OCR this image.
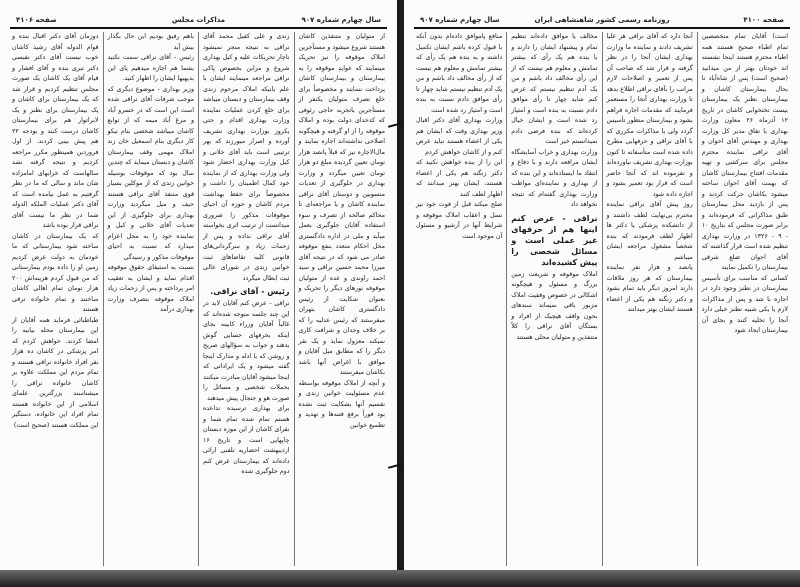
سال چهارم شماره ۹۰۷
مذاکرات مجلس
صفحه ۴۱۰۶

از متولیان و متنفذین کاشان هستند شروع میشود و مستأجرین املاک موقوفه را نیز تحریک مینمایند که عوایدِ موقوفه را به بیمارستان و بیمارستان کاشان پرداخت ننمایند و مخصوصاً برای خلع تصرف متولیان یکنفر از مستأجرین باتجربه حاجی رئوفی که کدخدای دولت بوده و املاک موقوفه را از او گرفته و هیچگونه اصلاحی نداشته‌اند اجاره نمایند و مال‌الاجاره نیز که قبلاً پانصد هزار تومان تعیین گردیده مبلغ دو هزار تومان تعیین میگردد و وزارت بهداری در حلوگیری از تعدیات منسوبین و دوستان آقای نراقی نماینده کاشان و یا مراجعه‌ای تا محاکم صالحه از تصرف و سوء استفاده آقایان جلوگیری بعمل میآید و ملی در اداره دادگستری محل احکام متعدد بنفع موقوفه صادر می شود که در نتیجه آقای میرزا محمد حسین نراقی و سید احمد راوندی و عده از متولیان موقوفه نورهای دیگر را تحریک و بعنوان شکایت از رئیس دادگستری کاشان بتهران میفرستند که رئیس عدلیه را که بر خلاف وجدان و شرافت کاری نمیکند معزول نماید و یک نفر دیگر را که مطابق میل آقایان و موافق با اغراض آنها باشد بکاشان میفرستند

و آنچه از املاک موقوفه بواسطه عدم مسئولیت خوانین زندی و تقسیم آنها بشکایت ثبت نشده بود فوراً برفع فتنه‌ها و تهدید و تطمیع خوانین

زندی و علی کفیل محمد آقای نراقی به نتیجه منجر نمیشود ناچار تحریکات علیه و کیل بهداری شروع و مزاین بخصوص پاکی نراقی مراجعه مینمایند ایشان با علم بانیکه املاک مرحوم زندی وقف بیمارستان و دبستان میباشد برای خلع کردن عملیات نماینده وزارت بهداری اقدام و حتی یکروز بوزارت بهداری تشریف آورده و اصرار میورزند که بهر ترتیبی است باید آقای خلانی و کیل وزارت بهداری احضار شود ولی وزارت بهداری که از نماینده خود کمال اطمینان را داشت و مخصوصاً برای حفظ بهداشت مردم کاشان و حوزه آن احیای موقوفات مذکور را ضروری میدانست از ترتیب اثری بخواسته آقای نراقی نداده و پس از زحمات زیاد و سرگردانی‌های قانونی کلیه تقاضاهای ثبت خوانین زندی در شورای عالی ثبت ابطال میگردد

رئیس - آقای نراقی.

نراقی - عرض کنم آقایان لابد در این چند جلسه متوجه شده‌اند که غالباً آقایان وزراء کابینه بجای اینکه بحرفهای حسابی گوش بدهند و جواب به سؤالهای صریح و روشن که با ادله و مدارک اینجا گفته میشود و یک ایراداتی که اینجا میشود آقایان مبادرت میکنند بحملات شخصی و مسائل را صورت هو و جنجال پیش میدهند

برای بهداری ترسیده نداعده هستم تمام شده تمام شما و نقرای کاشان از این موزه دبستان چاپهایی است و تاریخ ۱۶ اردیبهشت احضاریه تلفنی ارائی داده‌اند که بیمارستان عرض کنم دوم جلوگیری شده

باهم رفیق بودیم این حال بگذار بیش آید

رئیس - آقای نراقی سمت نکنید بشما هم اجازه میدهیم پای این بدیهیها ایشان را اظهار کنید.

وزیر بهداری - موضوع دیگری که موجب شرفات آقای نراقی شده است این است که در خسرو آباد و مرغ آباد میمه که از توابع کاشان میباشد شخصی بنام نیکو کار دیگری بنام اسمعیل خان زند املاک مهمی وقف بیمارستان کاشان و دبستان میماید که چندین سال بود که موقوفات بوسیله خوانین زندی که از موکلین بسیار قوی متنفذ آقای نراقی هستند حیف و میل میگردید وزارت بهداری برای جلوگیری از این تعدیات آقای خلانی و کیل و نماینده خود را به محل اعزام میدارد که نسبت به احیای موقوفات مذکور و رسیدگی

نسبت به استیفای حقوق موقوفه اقدام نماید و ایشان به تعقیب امر پرداخته و پس از زحمات زیاد املاک موقوفه بتصرف وزارت بهداری درآمد

دوزمان آقای دکتر اقبال بنده و قوام الدوله آقای رشید کاشان خوب نیست آقای دکتر نفیسی دکتر تبری بنده و آقای افشار و قیام آقای یک کاشان یک صورت مجلس تنظیم کردیم و قرار شد که یک بیمارستان برای کاشان و یک بیمارستان برای نطنز و یک لابراتوار هم برای بیمارستان کاشان درست کنند و بودجه ۲۲ هم پیش بینی کردند. از اول فروردین همینطور مکرر مراجعه کردیم و نتیجه گرفته نشد سالهاست که خرابهای امامزاده شان ماند و سالی که ما در نظر گرفتیم به عمل نیامده است که آقای دکتر عملیات الملکه الدوله شما در نظر ما نیست آقای نراقی قرار بوده باشد

که یک بیمارستان در کاشان ساخته شود بیمارستانی که ما خودمان به دولت عرض کردیم زمین او را داده بودم بیمارستانی که من قبول کردم هزینه‌اش ۲۰۰ هزار تومان تمام اهالی کاشان ساختند و تمام خانواده ترقی هستند

طباطبائی فرماید همه آقایان از این بیمارستان محله بیانیه را امضا کردند. خواهش کردم که امر پزشکی در کاشان ده هزار نفر افراد خانواده نراقی هستند و تمام مردم این مملکت علاوه بر کاشان خانواده نراقی را میشناسند بزرگترین علمای اسلامی از این خانواده هستند تمام افراد این خانواده، دستگیر این مملکت هستند (صحیح است)

صفحه ۴۱۰۰
روزنامه رسمی کشور شاهنشاهی ایران
سال چهارم شماره ۹۰۷

است) آقایان تمام متخصصین تمام اطباء صحیح هستند همه اطباء محترم هستند اینجا نشسته اند خودتان بهتر از من میدانید (صحیح است) پس از شاه‌آباد تا بحال بیمارستان کاشان و بیمارستان نطنز یک بیمارستان بیست تختخوابی کاشان در تاریخ ۱۲ آذرماه ۲۶ معاون وزارت بهداری با تفاق مدیر کل وزارت بهداری و مهندس آقای احوان و آقای نراقی نماینده محترم مجلس برای سرکشی و تهیه مقدمات افتتاح بیمارستان کاشان که بهمت آقای احوان ساخته میشود بکاشان حرکت کردند و پس از بازدید محل بیمارستان طبق مذاکراتی که فرموده‌اند و برابر صورت مجلس که بتاریخ ۱۰ - ۹ - ۱۳۲۶ در وزارت بهداری تنظیم شده است قرار گذاشته که آقای احوان ضلع شرقی بیمارستان را تکمیل نمایند

کسانی که مناسب برای تأسیس بیمارستان در نطنز وجود دارد در اجاره با شد و پس از مذاکرات لازم یا یکی شبیه نطنز خیلی دارد آنجا را تخلیه کنند و بجای آن بیمارستان ایجاد شود

آنجا دارد که آقای نراقی هر علیا تشریف دادند و نماینده ما وزارت بهداری ایشان آنجا را در نظر گرفته و قرار شد که صاحب آن پس از تعمیر و اصلاحات لازم مراتب را بآقای نراقی اطلاع بدهد تا وزارت بهداری آنجا را مستعمر فرمایند که مقدمات اجاره فراهم بشود و بیمارستان منظور تأسیس گردد ولی یا مذاکرات مکرری که با آقای نراقی و حرفهایی مطرح داده شده است متأسفانه تا کنون بوزارت بهداری تشریف نیاورده‌اند و تفرموده اند که آنجا حاضر است که قرار بود تعمیر بشود و اجازه داده شود

روز پیش آقای نراقی نماینده محترم بی‌نهایت لطف داشتند و از دانشکده پزشکی یا دکتر ها اظهار لطف فرمودند که بنده شخصاً مشغول مراجعه ایشان میباشم

پانصد و هزار نفر نماینده بیمارستان که هر روز ملاقات دارند امروز دیگر باید تمام بشود و دکتر زنگنه هم یکی از اعضاء هستند ایشان بهتر میدانند

مخالف یا موافق داده‌اند تنظیم تمام و پیشنهاد ایشان را دارند و با بنده هم یک رأی که بیشتر تمامش و معلوم هم نیست که از این رأی مخالف داد باشم و من یک آدم تنظیم نیستم که عرض کنم شاید چهار تا رأی موافق دادم نسبت به بنده است و امتیاز رد شده است و ایشان خیال کرده‌اند که بنده فرضی دادم نمیدانستم خیر است

وزارت بهداری و خراب آسایشگاه ایشان مرافعه دارند و با دفاع و انتقاد ما ایستاده‌اند و این بنده که از بهداری و نماینده‌ای مواظب وزارت بهداری گفته‌ام که نتیجه نخواهد داد

نراقی - عرض کنم اینها هم از حرفهای غیر عملی است و مسائل شخصی را پیش کشیده‌اند

املاک موقوفه و شریعت زمین بزرگ و مسئول و هیچگونه اشکالی در خصوص وقفیت املاک مزبور باقی نمیماند سندهای بحون واقف هیچیک از افراد و بستگان آقای نراقی را کلاً متنفذین و متولیان محلی هستند

منافع پاموافق داده‌ام بدون آنکه با قبول کرده باشم ایشان تکمیل داشته و به بنده هم یک رأی که بیشتر تمامش و معلوم هم نیست که از رأی مخالف داد باشم و من یک آدم تنظیم نیستم شاید چهار تا رأی موافق دادم نسبت به بنده است و امتیاز رد شده است

وزارت بهداری آقای دکتر اقبال وزیر بهداری وقت که ایشان هم یکی از اعضاء هستند نباید عرض کنم و از کاشان خواهش کردم

این را از بنده خواهش نکنید که دکتر زنگنه هم یکی از اعضاء هستند، ایشان بهتر میدانند که اظهار لطف کنند

صلح میکند قبل از فوت خود نیز نسل و اعقاب املاک موقوفه و شرایط آنها در آرشیو و مسئول آن موجود است
